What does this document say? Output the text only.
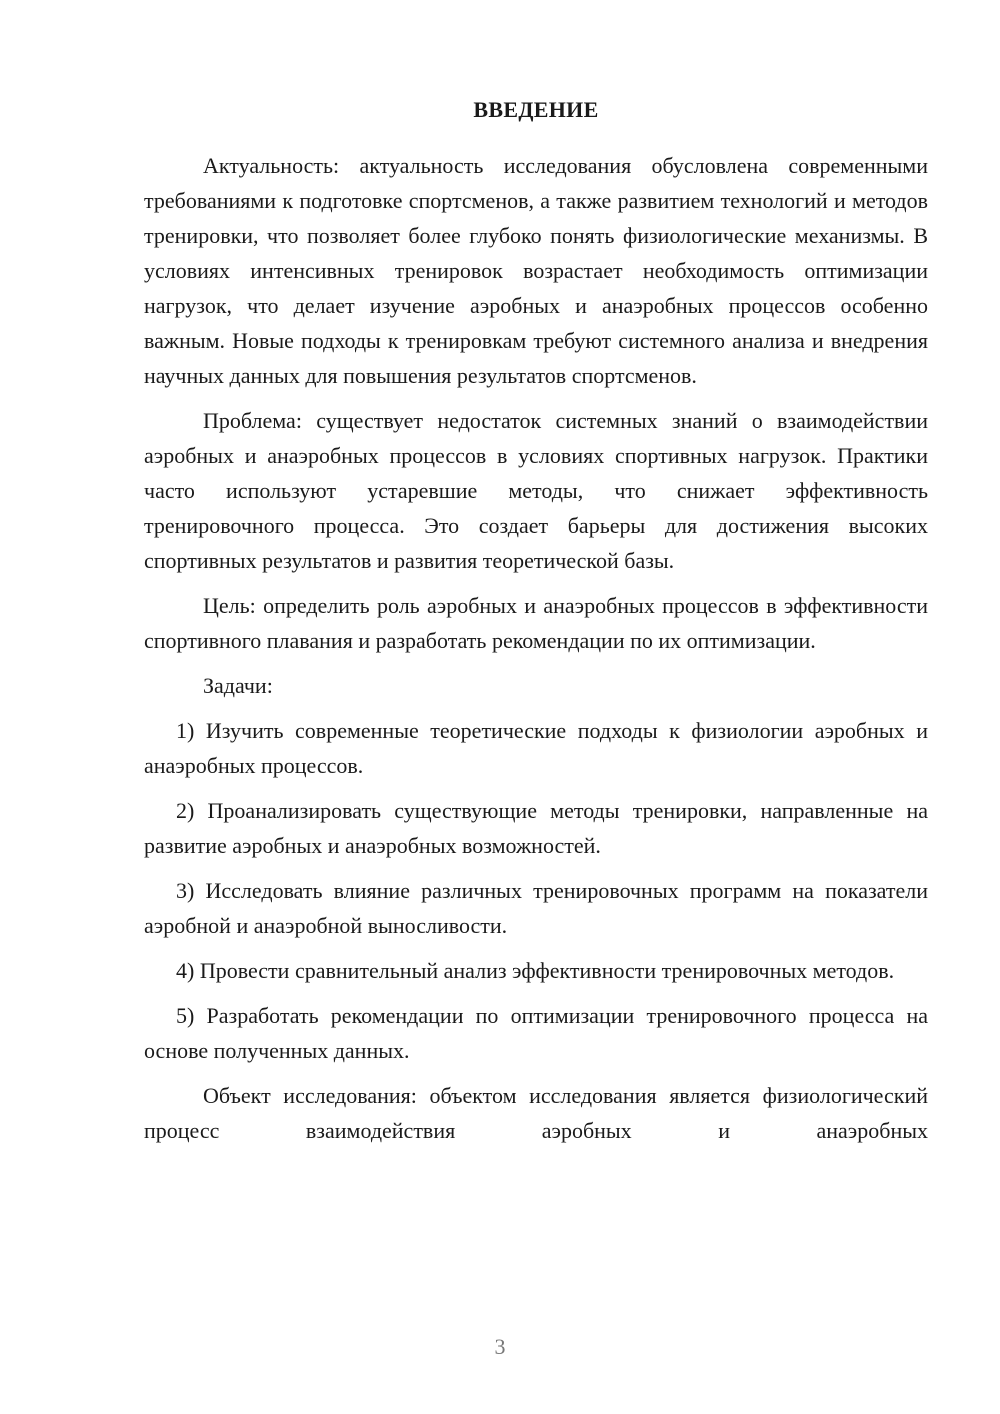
ВВЕДЕНИЕ

Актуальность: актуальность исследования обусловлена современными требованиями к подготовке спортсменов, а также развитием технологий и методов тренировки, что позволяет более глубоко понять физиологические механизмы. В условиях интенсивных тренировок возрастает необходимость оптимизации нагрузок, что делает изучение аэробных и анаэробных процессов особенно важным. Новые подходы к тренировкам требуют системного анализа и внедрения научных данных для повышения результатов спортсменов.

Проблема: существует недостаток системных знаний о взаимодействии аэробных и анаэробных процессов в условиях спортивных нагрузок. Практики часто используют устаревшие методы, что снижает эффективность тренировочного процесса. Это создает барьеры для достижения высоких спортивных результатов и развития теоретической базы.

Цель: определить роль аэробных и анаэробных процессов в эффективности спортивного плавания и разработать рекомендации по их оптимизации.

Задачи:

1) Изучить современные теоретические подходы к физиологии аэробных и анаэробных процессов.

2) Проанализировать существующие методы тренировки, направленные на развитие аэробных и анаэробных возможностей.

3) Исследовать влияние различных тренировочных программ на показатели аэробной и анаэробной выносливости.

4) Провести сравнительный анализ эффективности тренировочных методов.

5) Разработать рекомендации по оптимизации тренировочного процесса на основе полученных данных.

Объект исследования: объектом исследования является физиологический процесс взаимодействия аэробных и анаэробных

3
